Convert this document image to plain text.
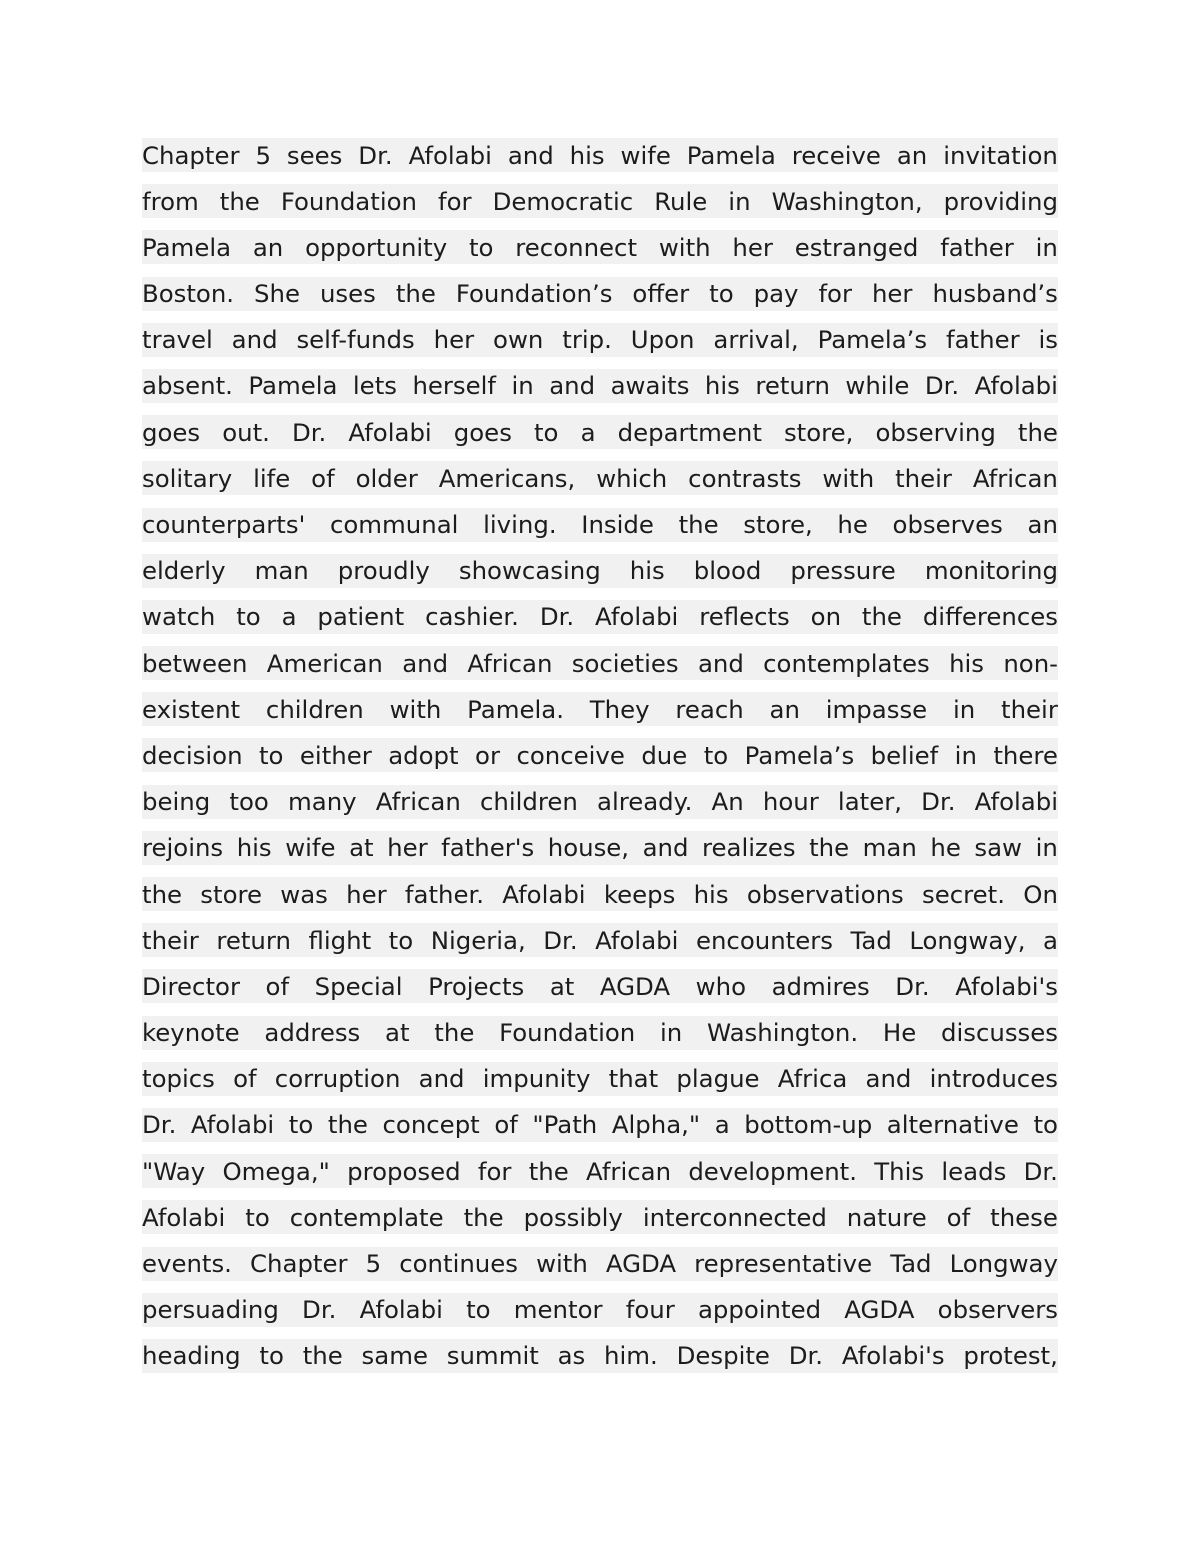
Chapter 5 sees Dr. Afolabi and his wife Pamela receive an invitation
from the Foundation for Democratic Rule in Washington, providing
Pamela an opportunity to reconnect with her estranged father in
Boston. She uses the Foundation’s offer to pay for her husband’s
travel and self-funds her own trip. Upon arrival, Pamela’s father is
absent. Pamela lets herself in and awaits his return while Dr. Afolabi
goes out. Dr. Afolabi goes to a department store, observing the
solitary life of older Americans, which contrasts with their African
counterparts' communal living. Inside the store, he observes an
elderly man proudly showcasing his blood pressure monitoring
watch to a patient cashier. Dr. Afolabi reflects on the differences
between American and African societies and contemplates his non-
existent children with Pamela. They reach an impasse in their
decision to either adopt or conceive due to Pamela’s belief in there
being too many African children already. An hour later, Dr. Afolabi
rejoins his wife at her father's house, and realizes the man he saw in
the store was her father. Afolabi keeps his observations secret. On
their return flight to Nigeria, Dr. Afolabi encounters Tad Longway, a
Director of Special Projects at AGDA who admires Dr. Afolabi's
keynote address at the Foundation in Washington. He discusses
topics of corruption and impunity that plague Africa and introduces
Dr. Afolabi to the concept of "Path Alpha," a bottom-up alternative to
"Way Omega," proposed for the African development. This leads Dr.
Afolabi to contemplate the possibly interconnected nature of these
events. Chapter 5 continues with AGDA representative Tad Longway
persuading Dr. Afolabi to mentor four appointed AGDA observers
heading to the same summit as him. Despite Dr. Afolabi's protest,
